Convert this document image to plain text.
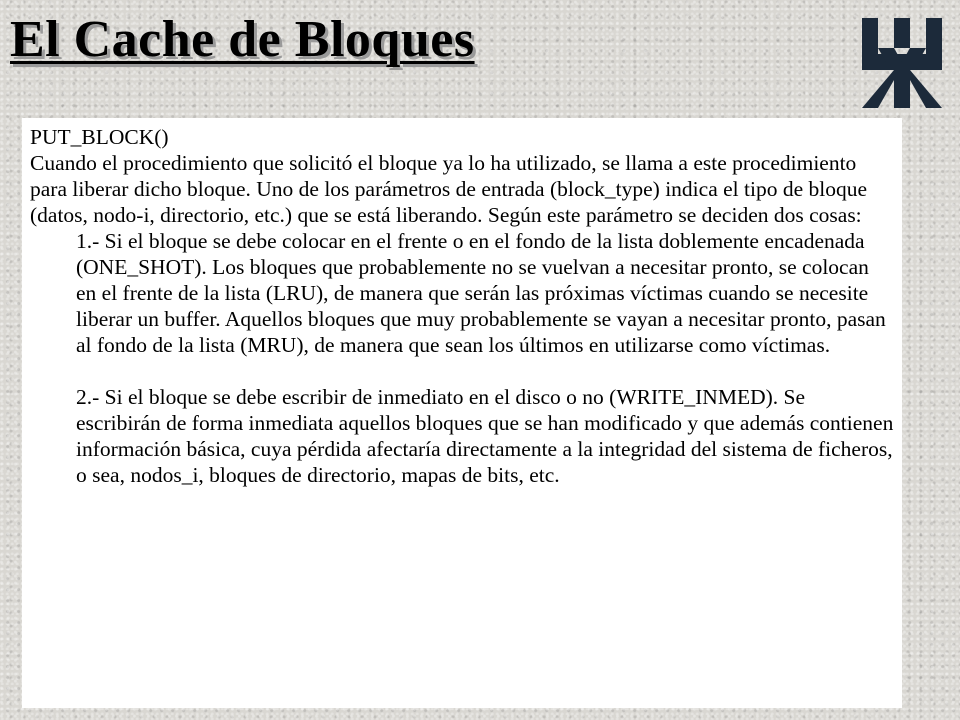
El Cache de Bloques

PUT_BLOCK()

Cuando el procedimiento que solicitó el bloque ya lo ha utilizado, se llama a este procedimiento para liberar dicho bloque. Uno de los parámetros de entrada (block_type) indica el tipo de bloque (datos, nodo-i, directorio, etc.) que se está liberando. Según este parámetro se deciden dos cosas:

1.- Si el bloque se debe colocar en el frente o en el fondo de la lista doblemente encadenada (ONE_SHOT). Los bloques que probablemente no se vuelvan a necesitar pronto, se colocan en el frente de la lista (LRU), de manera que serán las próximas víctimas cuando se necesite liberar un buffer. Aquellos bloques que muy probablemente se vayan a necesitar pronto, pasan al fondo de la lista (MRU), de manera que sean los últimos en utilizarse como víctimas.

2.- Si el bloque se debe escribir de inmediato en el disco o no (WRITE_INMED). Se escribirán de forma inmediata aquellos bloques que se han modificado y que además contienen información básica, cuya pérdida afectaría directamente a la integridad del sistema de ficheros, o sea, nodos_i, bloques de directorio, mapas de bits, etc.
